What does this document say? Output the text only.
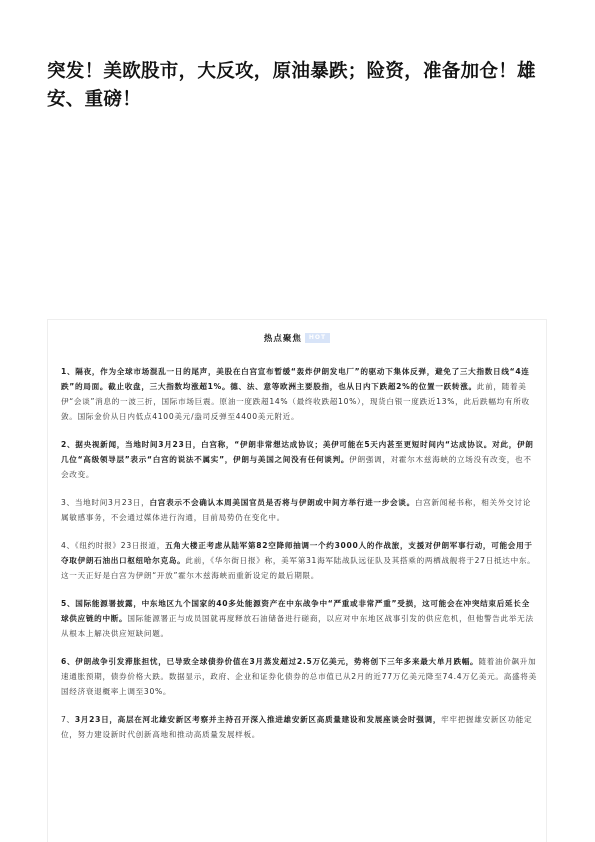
突发！美欧股市，大反攻，原油暴跌；险资，准备加仓！雄安、重磅！
热点聚焦 HOT

1、隔夜，作为全球市场混乱一日的尾声，美股在白宫宣布暂缓“轰炸伊朗发电厂”的驱动下集体反弹，避免了三大指数日线“4连跌”的局面。截止收盘，三大指数均涨超1%。德、法、意等欧洲主要股指，也从日内下跌超2%的位置一跃转涨。此前，随着美伊“会谈”消息的一波三折，国际市场巨震。原油一度跌超14%（最终收跌超10%），现货白银一度跌近13%，此后跌幅均有所收敛。国际金价从日内低点4100美元/盎司反弹至4400美元附近。

2、据央视新闻，当地时间3月23日，白宫称，“伊朗非常想达成协议；美伊可能在5天内甚至更短时间内“达成协议。对此，伊朗几位“高级领导层”表示“白宫的说法不属实”，伊朗与美国之间没有任何谈判。伊朗强调，对霍尔木兹海峡的立场没有改变，也不会改变。

3、当地时间3月23日，白宫表示不会确认本周美国官员是否将与伊朗或中间方举行进一步会谈。白宫新闻秘书称，相关外交讨论属敏感事务，不会通过媒体进行沟通，目前局势仍在变化中。

4、《纽约时报》23日报道，五角大楼正考虑从陆军第82空降师抽调一个约3000人的作战旅，支援对伊朗军事行动，可能会用于夺取伊朗石油出口枢纽哈尔克岛。此前，《华尔街日报》称，美军第31海军陆战队远征队及其搭乘的两栖战舰将于27日抵达中东。这一天正好是白宫为伊朗“开放”霍尔木兹海峡而重新设定的最后期限。

5、国际能源署披露，中东地区九个国家的40多处能源资产在中东战争中“严重或非常严重”受损，这可能会在冲突结束后延长全球供应链的中断。国际能源署正与成员国就再度释放石油储备进行磋商，以应对中东地区战事引发的供应危机，但他警告此举无法从根本上解决供应短缺问题。

6、伊朗战争引发滞胀担忧，已导致全球债券价值在3月蒸发超过2.5万亿美元，势将创下三年多来最大单月跌幅。随着油价飙升加速通胀预期，债券价格大跌。数据显示，政府、企业和证券化债券的总市值已从2月的近77万亿美元降至74.4万亿美元。高盛将美国经济衰退概率上调至30%。

7、3月23日，高层在河北雄安新区考察并主持召开深入推进雄安新区高质量建设和发展座谈会时强调，牢牢把握雄安新区功能定位，努力建设新时代创新高地和推动高质量发展样板。
